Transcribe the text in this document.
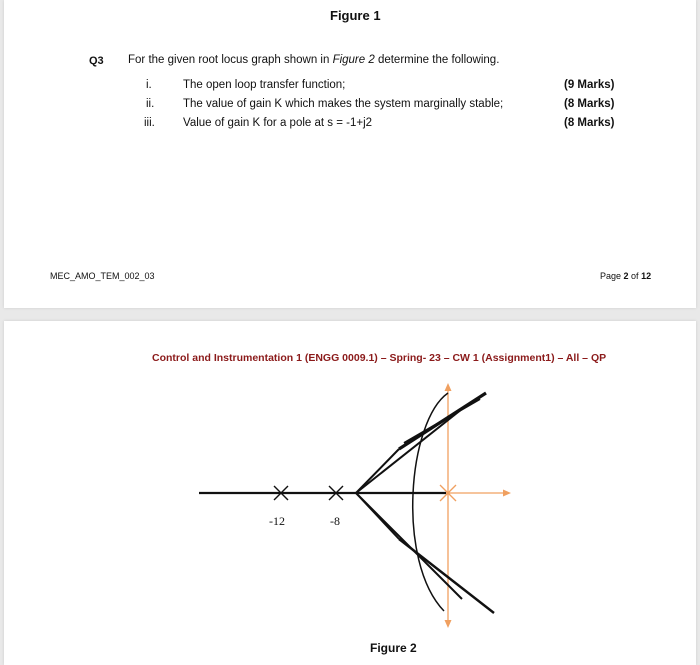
Figure 1
Q3 For the given root locus graph shown in Figure 2 determine the following.
i.	The open loop transfer function;	(9 Marks)
ii. The value of gain K which makes the system marginally stable;	(8 Marks)
iii. Value of gain K for a pole at s = -1+j2	(8 Marks)
MEC_AMO_TEM_002_03	Page 2 of 12
Control and Instrumentation 1 (ENGG 0009.1) – Spring- 23 – CW 1 (Assignment1) – All – QP
-12	-8
Figure 2
